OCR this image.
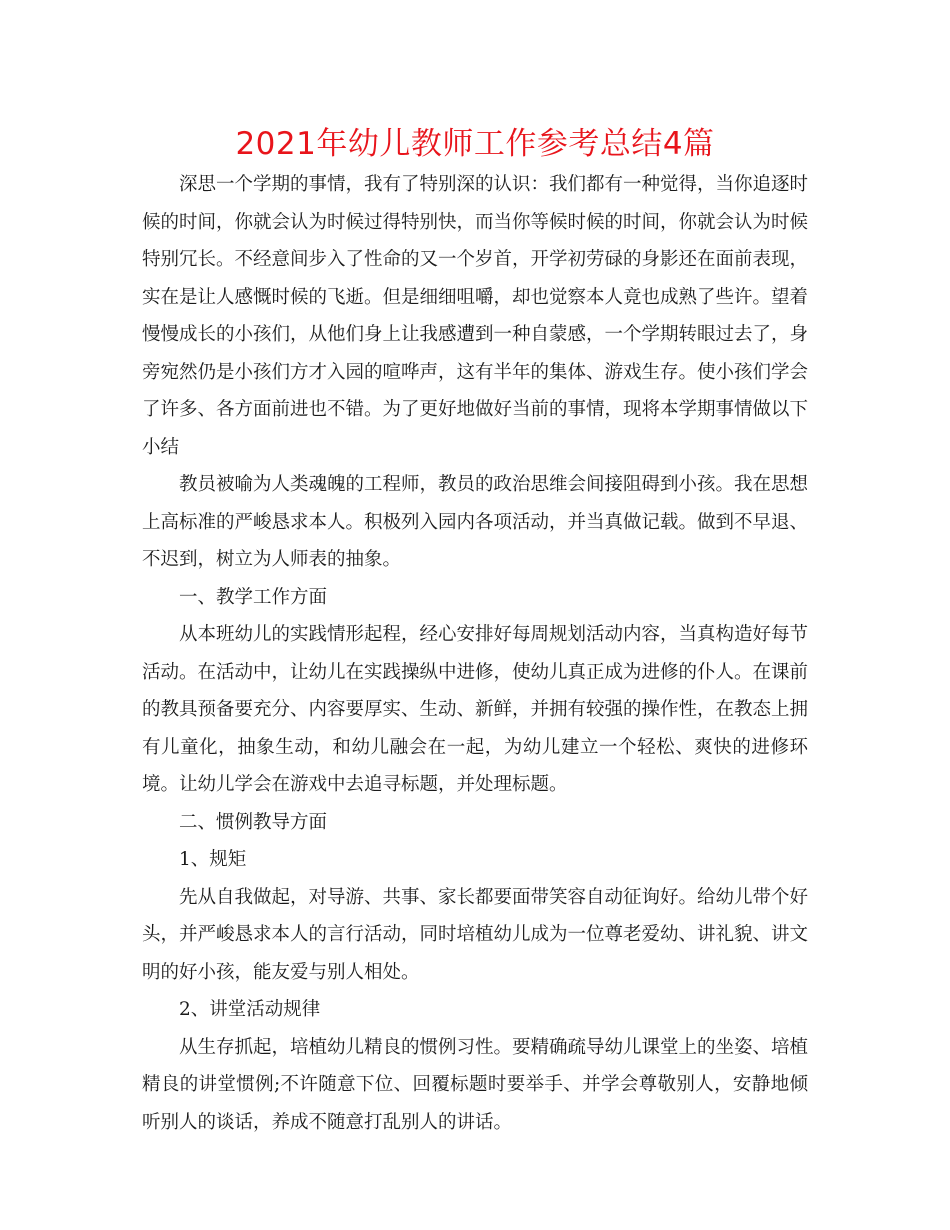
2021年幼儿教师工作参考总结4篇

深思一个学期的事情，我有了特别深的认识：我们都有一种觉得，当你追逐时候的时间，你就会认为时候过得特别快，而当你等候时候的时间，你就会认为时候特别冗长。不经意间步入了性命的又一个岁首，开学初劳碌的身影还在面前表现，实在是让人感慨时候的飞逝。但是细细咀嚼，却也觉察本人竟也成熟了些许。望着慢慢成长的小孩们，从他们身上让我感遭到一种自蒙感，一个学期转眼过去了，身旁宛然仍是小孩们方才入园的喧哗声，这有半年的集体、游戏生存。使小孩们学会了许多、各方面前进也不错。为了更好地做好当前的事情，现将本学期事情做以下小结

教员被喻为人类魂魄的工程师，教员的政治思维会间接阻碍到小孩。我在思想上高标准的严峻恳求本人。积极列入园内各项活动，并当真做记载。做到不早退、不迟到，树立为人师表的抽象。

一、教学工作方面

从本班幼儿的实践情形起程，经心安排好每周规划活动内容，当真构造好每节活动。在活动中，让幼儿在实践操纵中进修，使幼儿真正成为进修的仆人。在课前的教具预备要充分、内容要厚实、生动、新鲜，并拥有较强的操作性，在教态上拥有儿童化，抽象生动，和幼儿融会在一起，为幼儿建立一个轻松、爽快的进修环境。让幼儿学会在游戏中去追寻标题，并处理标题。

二、惯例教导方面

1、规矩

先从自我做起，对导游、共事、家长都要面带笑容自动征询好。给幼儿带个好头，并严峻恳求本人的言行活动，同时培植幼儿成为一位尊老爱幼、讲礼貌、讲文明的好小孩，能友爱与别人相处。

2、讲堂活动规律

从生存抓起，培植幼儿精良的惯例习性。要精确疏导幼儿课堂上的坐姿、培植精良的讲堂惯例;不许随意下位、回覆标题时要举手、并学会尊敬别人，安静地倾听别人的谈话，养成不随意打乱别人的讲话。
